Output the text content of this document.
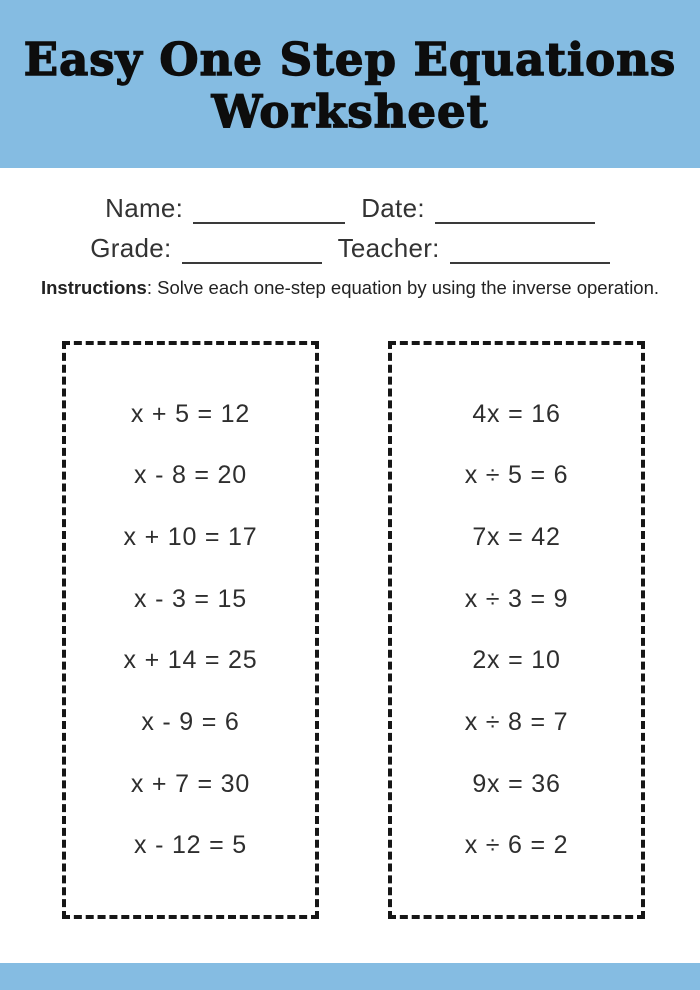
Easy One Step Equations
Worksheet
Name:	Date:
Grade:	Teacher:
Instructions: Solve each one-step equation by using the inverse operation.
x + 5 = 12
x - 8 = 20
x + 10 = 17
x - 3 = 15
x + 14 = 25
x - 9 = 6
x + 7 = 30
x - 12 = 5
4x = 16
x ÷ 5 = 6
7x = 42
x ÷ 3 = 9
2x = 10
x ÷ 8 = 7
9x = 36
x ÷ 6 = 2
